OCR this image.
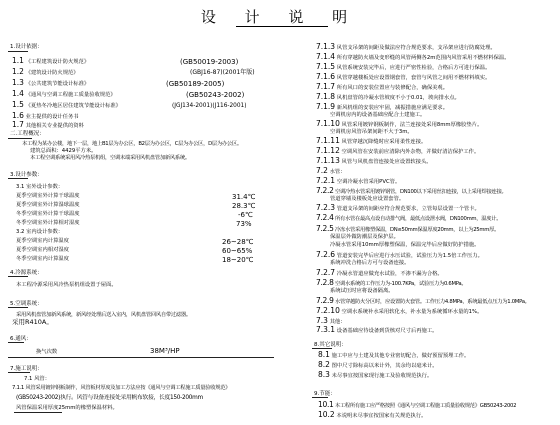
设 计 说 明
1.设计依据：
1.1 《工程建筑设计防火规范》	(GB50019-2003)
1.2 《建筑设计防火规范》	(GBJ16-87)(2001年版)
1.3 《公共建筑节能设计标准》	(GB50189-2005)
1.4 《通风与空调工程施工质量验收规范》	(GB50243-2002)
1.5 《夏热冬冷地区居住建筑节能设计标准》	(JGJ134-2001)(J116-2001)
1.6 业主提供的设计任务书
1.7 其他相关专业提供的资料
二.工程概况：
本工程为某办公楼，地下一层，地上B1层为办公区，B2层为办公区，C层为办公区，D层为办公区。
建筑总面积：4429平方米。
本工程空调系统采用风冷热泵机组，空调末端采用风机盘管加新风系统。
3.设计参数：
3.1 室外设计参数：
夏季空调室外计算干球温度	31.4℃
夏季空调室外计算湿球温度	28.3℃
冬季空调室外计算干球温度	-6℃
冬季空调室外计算相对湿度	73%
3.2 室内设计参数：
夏季空调室内计算温度	26~28℃
夏季空调室内相对湿度	60~65%
冬季空调室内计算温度	18~20℃
4.冷源系统：
本工程冷源采用风冷热泵机组设置于屋面。
5.空调系统：
采用风机盘管加新风系统，新风经处理后送入室内，风机盘管回风自带过滤器。
采用R410A。
6.通风：
换气次数	38M³/HP
7.施工说明：
7.1 风管：
7.1.1 风管采用镀锌钢板制作，风管板材厚度及加工方法应按《通风与空调工程施工质量验收规范》
(GB50243-2002)执行。风管与设备连接处采用帆布软接，长度150-200mm
风管保温采用厚度25mm的橡塑保温材料。
7.1.3 风管支吊架的间距及做法应符合规范要求，支吊架应进行防腐处理。
7.1.4 所有穿越防火墙及变形缝的风管两侧各2m范围内风管采用不燃材料保温。
7.1.5 风管系统安装完毕后，应进行严密性检验，合格后方可进行保温。
7.1.6 风管穿越楼板处应设置钢套管，套管与风管之间用不燃材料填实。
7.1.7 所有风口的安装位置应与装修配合，确保美观。
7.1.8 风机盘管的冷凝水管坡度不小于0.01，坡向排水点。
7.1.9 新风机组的安装应牢固，减振措施应满足要求。
空调机房内的设备基础应配合土建施工。
7.1.10 风管采用镀锌钢板制作，法兰连接处采用8mm厚橡胶垫片。
空调机房风管吊架间距不大于3m。
7.1.11 风管穿越沉降缝时应采用柔性连接。
7.1.12 空调风管在安装前应清除内外杂物，并做好清洁保护工作。
7.1.13 风管与风机盘管连接处应设置软接头。
7.2 水管：
7.2.1 空调冷凝水管采用PVC管。
7.2.2 空调冷热水管采用镀锌钢管，DN100以下采用丝扣连接，以上采用焊接连接。
管道穿墙及楼板处应设置套管。
7.2.3 管道支吊架的间距应符合规范要求，立管每层设置一个管卡。
7.2.4 所有水管在最高点设自动排气阀，最低点设泄水阀，DN100mm，温度计。
7.2.5 冷冻水管采用橡塑保温，DN≤50mm保温厚度20mm，以上为25mm厚。
保温层外做防潮层及保护层。
冷凝水管采用10mm厚橡塑保温，保温完毕后应做好防护措施。
7.2.6 管道安装完毕后应进行水压试验，试验压力为1.5倍工作压力。
系统冲洗合格后方可与设备连接。
7.2.7 冷凝水管道应做充水试验，不渗不漏为合格。
7.2.8 空调水系统的工作压力为-100.7KPa，试验压力为0.6MPa。
系统试压时应将设备隔离。
7.2.9 水管穿越防火分区时，应设置防火套管。工作压力4.8MPa，系统最低点压力为1.0MPa。
7.2.10 空调水系统补水采用软化水，补水量为系统循环水量的1%。
7.3 其他：
7.3.1 设备基础应待设备到货核对尺寸后再施工。
8.其它说明：
8.1 施工中应与土建及其他专业密切配合，做好预留预埋工作。
8.2 图中尺寸除标高以米计外，其余均以毫米计。
8.3 未尽事宜按国家现行施工及验收规范执行。
9.节能：
10.1 本工程所有施工应严格按照《通风与空调工程施工质量验收规范》GB50243-2002
10.2 本说明未尽事宜按国家有关规范执行。
